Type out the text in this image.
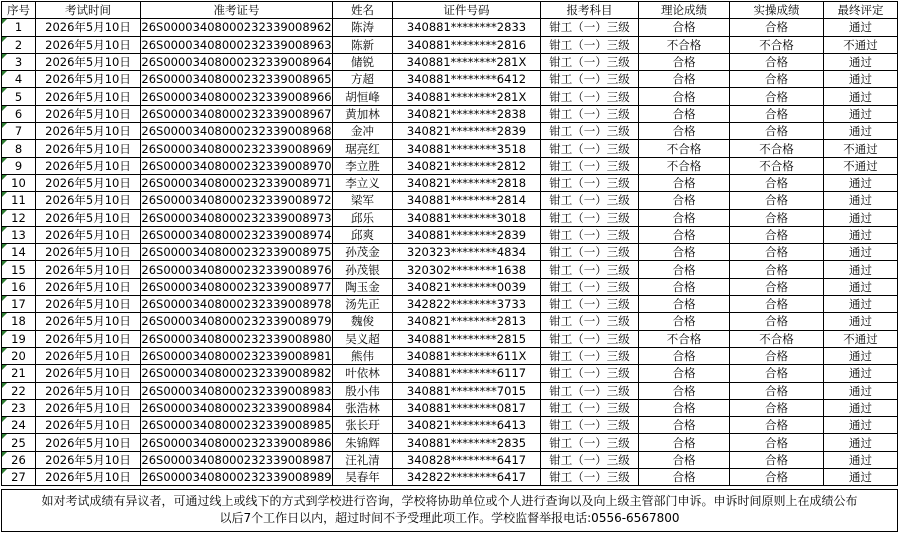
序号	考试时间	准考证号	姓名	证件号码	报考科目	理论成绩	实操成绩	最终评定
1	2026年5月10日	26S00003408000232339008962	陈涛	340881********2833	钳工（一）三级	合格	合格	通过
2	2026年5月10日	26S00003408000232339008963	陈新	340881********2816	钳工（一）三级	不合格	不合格	不通过
3	2026年5月10日	26S00003408000232339008964	储锐	340881********281X	钳工（一）三级	合格	合格	通过
4	2026年5月10日	26S00003408000232339008965	方超	340881********6412	钳工（一）三级	合格	合格	通过
5	2026年5月10日	26S00003408000232339008966	胡恒峰	340881********281X	钳工（一）三级	合格	合格	通过
6	2026年5月10日	26S00003408000232339008967	黄加林	340821********2838	钳工（一）三级	合格	合格	通过
7	2026年5月10日	26S00003408000232339008968	金冲	340821********2839	钳工（一）三级	合格	合格	通过
8	2026年5月10日	26S00003408000232339008969	琚亮红	340881********3518	钳工（一）三级	不合格	不合格	不通过
9	2026年5月10日	26S00003408000232339008970	李立胜	340821********2812	钳工（一）三级	不合格	不合格	不通过
10	2026年5月10日	26S00003408000232339008971	李立义	340821********2818	钳工（一）三级	合格	合格	通过
11	2026年5月10日	26S00003408000232339008972	梁军	340881********2814	钳工（一）三级	合格	合格	通过
12	2026年5月10日	26S00003408000232339008973	邱乐	340881********3018	钳工（一）三级	合格	合格	通过
13	2026年5月10日	26S00003408000232339008974	邱爽	340881********2839	钳工（一）三级	合格	合格	通过
14	2026年5月10日	26S00003408000232339008975	孙茂金	320323********4834	钳工（一）三级	合格	合格	通过
15	2026年5月10日	26S00003408000232339008976	孙茂银	320302********1638	钳工（一）三级	合格	合格	通过
16	2026年5月10日	26S00003408000232339008977	陶玉金	340821********0039	钳工（一）三级	合格	合格	通过
17	2026年5月10日	26S00003408000232339008978	汤先正	342822********3733	钳工（一）三级	合格	合格	通过
18	2026年5月10日	26S00003408000232339008979	魏俊	340821********2813	钳工（一）三级	合格	合格	通过
19	2026年5月10日	26S00003408000232339008980	吴义超	340881********2815	钳工（一）三级	不合格	不合格	不通过
20	2026年5月10日	26S00003408000232339008981	熊伟	340881********611X	钳工（一）三级	合格	合格	通过
21	2026年5月10日	26S00003408000232339008982	叶依林	340881********6117	钳工（一）三级	合格	合格	通过
22	2026年5月10日	26S00003408000232339008983	殷小伟	340881********7015	钳工（一）三级	合格	合格	通过
23	2026年5月10日	26S00003408000232339008984	张浩林	340881********0817	钳工（一）三级	合格	合格	通过
24	2026年5月10日	26S00003408000232339008985	张长玗	340821********6413	钳工（一）三级	合格	合格	通过
25	2026年5月10日	26S00003408000232339008986	朱锦辉	340881********2835	钳工（一）三级	合格	合格	通过
26	2026年5月10日	26S00003408000232339008987	汪礼清	340828********6417	钳工（一）三级	合格	合格	通过
27	2026年5月10日	26S00003408000232339008989	吴春年	342822********6417	钳工（一）三级	合格	合格	通过
如对考试成绩有异议者，可通过线上或线下的方式到学校进行咨询，学校将协助单位或个人进行查询以及向上级主管部门申诉。申诉时间原则上在成绩公布
以后7个工作日以内，超过时间不予受理此项工作。学校监督举报电话:0556-6567800
